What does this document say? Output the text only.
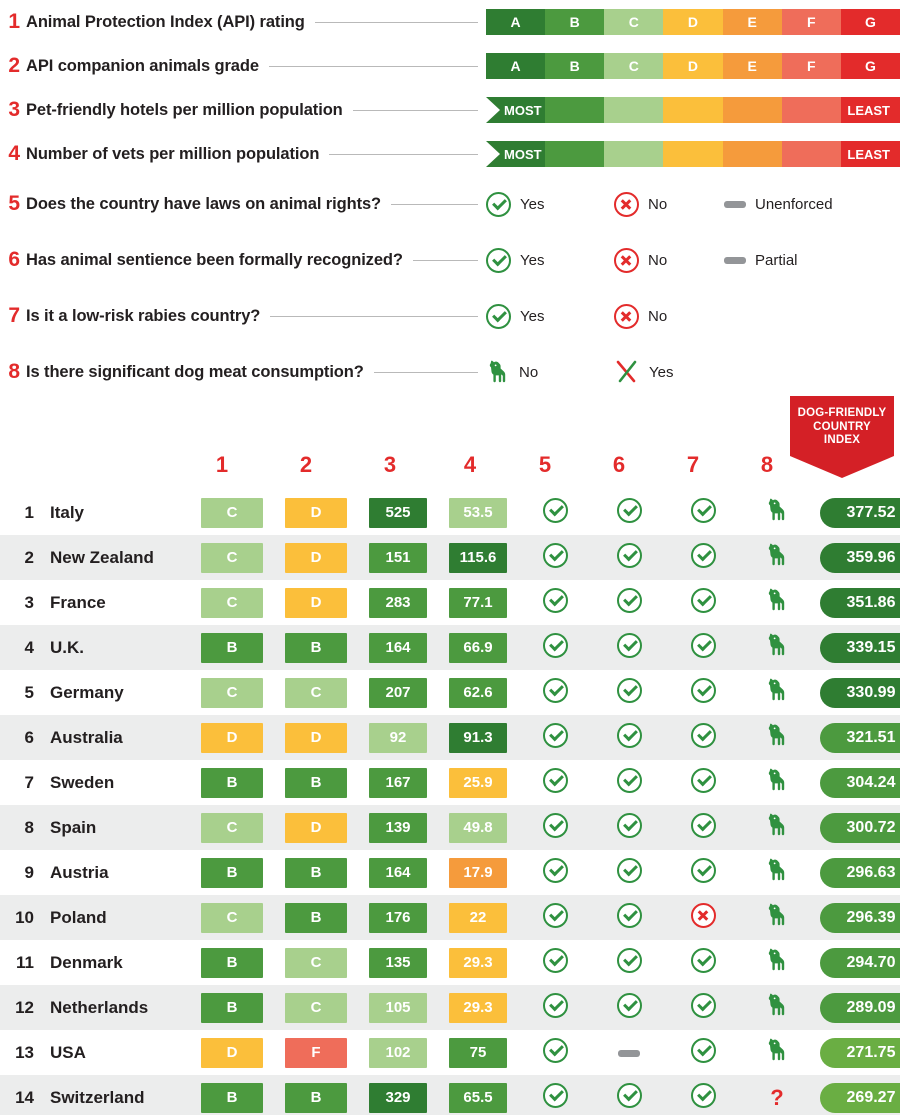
1 Animal Protection Index (API) rating	A	B	C	D	E	F	G
2 API companion animals grade	A	B	C	D	E	F	G
3 Pet-friendly hotels per million population	MOST	LEAST
4 Number of vets per million population	MOST	LEAST
5 Does the country have laws on animal rights?	Yes	No	Unenforced
6 Has animal sentience been formally recognized?	Yes	No	Partial
7 Is it a low-risk rabies country?	Yes	No
8 Is there significant dog meat consumption?	No	Yes
DOG-FRIENDLY
COUNTRY
INDEX
1	2	3	4	5	6	7	8
1	Italy	C	D	525	53.5					377.52
2	New Zealand	C	D	151	115.6					359.96
3	France	C	D	283	77.1					351.86
4	U.K.	B	B	164	66.9					339.15
5	Germany	C	C	207	62.6					330.99
6	Australia	D	D	92	91.3					321.51
7	Sweden	B	B	167	25.9					304.24
8	Spain	C	D	139	49.8					300.72
9	Austria	B	B	164	17.9					296.63
10	Poland	C	B	176	22					296.39
11	Denmark	B	C	135	29.3					294.70
12	Netherlands	B	C	105	29.3					289.09
13	USA	D	F	102	75					271.75
14	Switzerland	B	B	329	65.5				?	269.27
